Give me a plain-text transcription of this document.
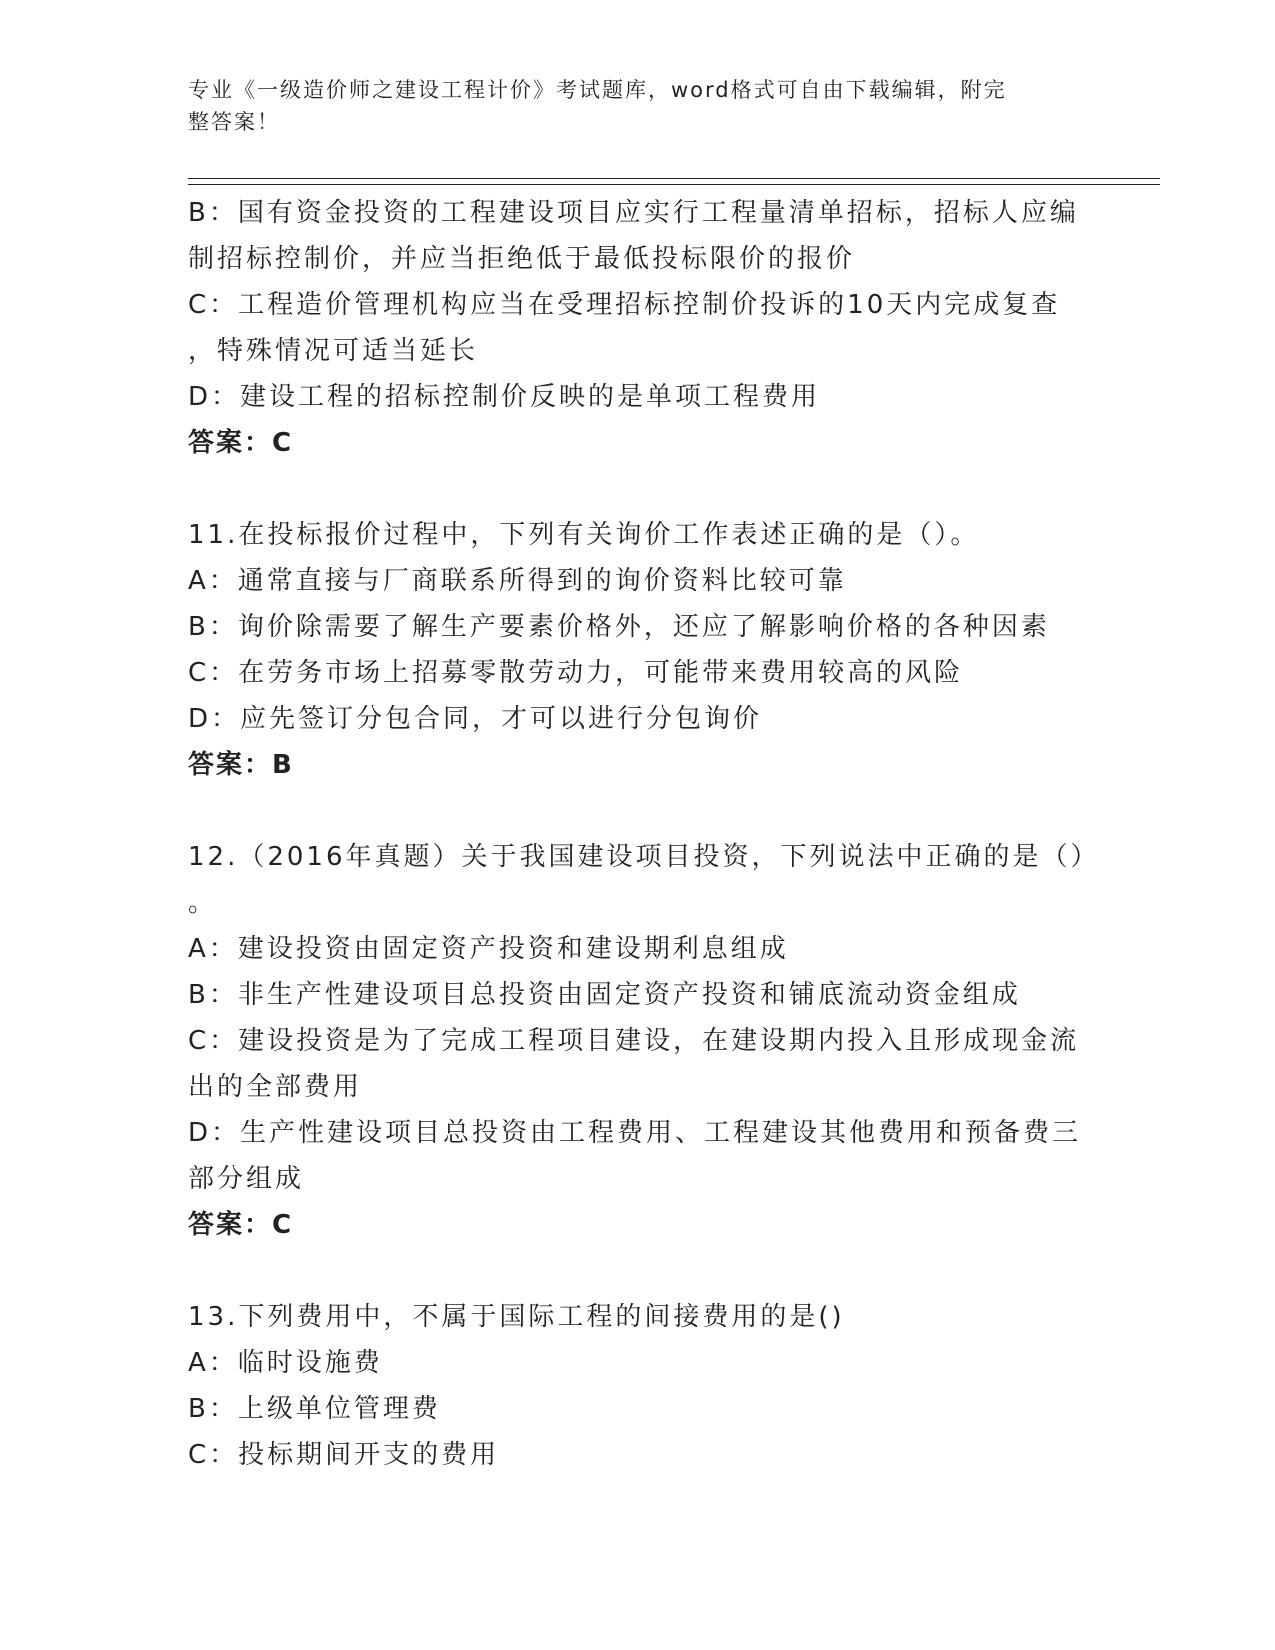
专业《一级造价师之建设工程计价》考试题库，word格式可自由下载编辑，附完
整答案！
B：国有资金投资的工程建设项目应实行工程量清单招标，招标人应编
制招标控制价，并应当拒绝低于最低投标限价的报价
C：工程造价管理机构应当在受理招标控制价投诉的10天内完成复查
，特殊情况可适当延长
D：建设工程的招标控制价反映的是单项工程费用
答案：C
11.在投标报价过程中，下列有关询价工作表述正确的是（）。
A：通常直接与厂商联系所得到的询价资料比较可靠
B：询价除需要了解生产要素价格外，还应了解影响价格的各种因素
C：在劳务市场上招募零散劳动力，可能带来费用较高的风险
D：应先签订分包合同，才可以进行分包询价
答案：B
12.（2016年真题）关于我国建设项目投资，下列说法中正确的是（）
。
A：建设投资由固定资产投资和建设期利息组成
B：非生产性建设项目总投资由固定资产投资和铺底流动资金组成
C：建设投资是为了完成工程项目建设，在建设期内投入且形成现金流
出的全部费用
D：生产性建设项目总投资由工程费用、工程建设其他费用和预备费三
部分组成
答案：C
13.下列费用中，不属于国际工程的间接费用的是()
A：临时设施费
B：上级单位管理费
C：投标期间开支的费用
